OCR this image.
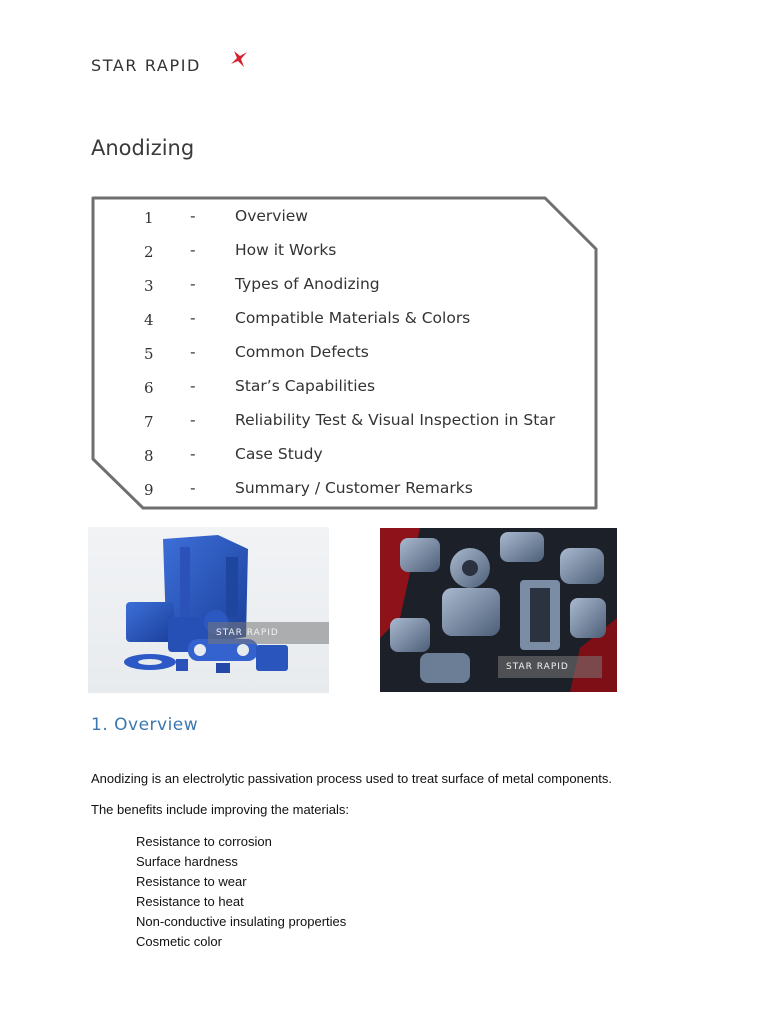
STAR RAPID
Anodizing
1 -	Overview
2 -	How it Works
3 -	Types of Anodizing
4 -	Compatible Materials & Colors
5 -	Common Defects
6 -	Star’s Capabilities
7 -	Reliability Test & Visual Inspection in Star
8 -	Case Study
9 -	Summary / Customer Remarks
STAR RAPID
STAR RAPID
1. Overview
Anodizing is an electrolytic passivation process used to treat surface of metal components.
The benefits include improving the materials:
Resistance to corrosion
Surface hardness
Resistance to wear
Resistance to heat
Non-conductive insulating properties
Cosmetic color
